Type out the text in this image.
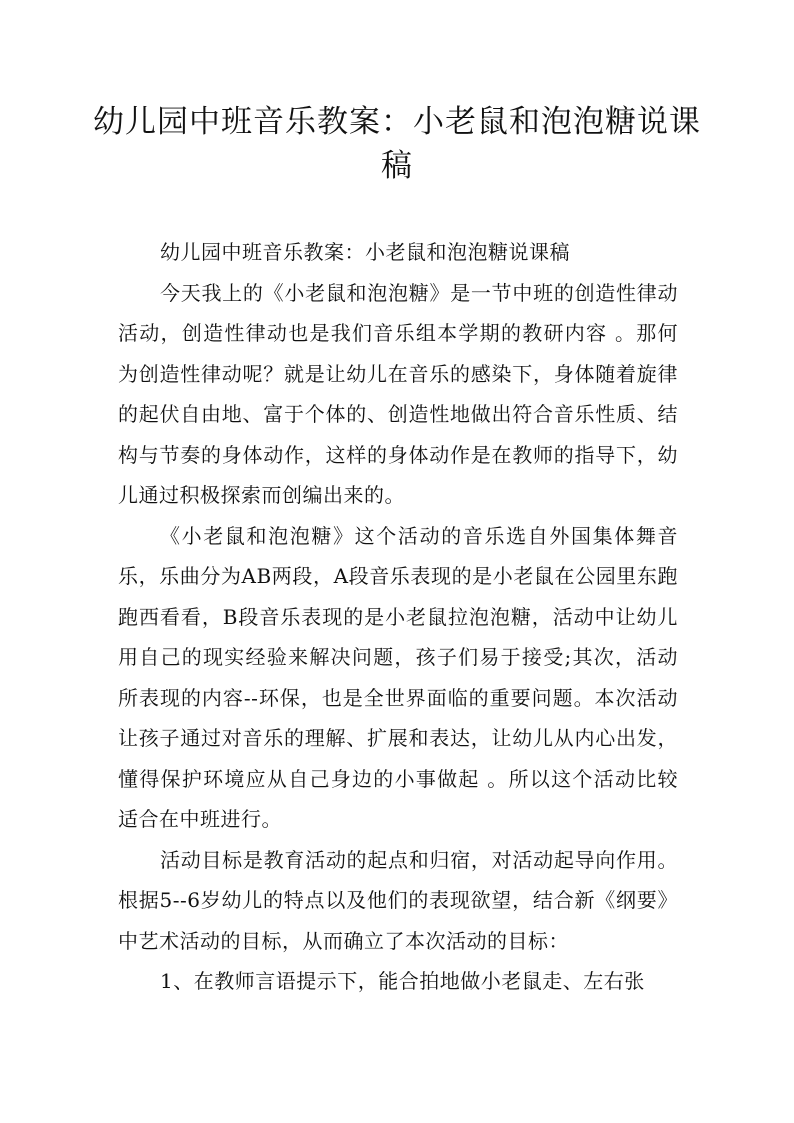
幼儿园中班音乐教案：小老鼠和泡泡糖说课稿

幼儿园中班音乐教案：小老鼠和泡泡糖说课稿

今天我上的《小老鼠和泡泡糖》是一节中班的创造性律动活动，创造性律动也是我们音乐组本学期的教研内容 。那何为创造性律动呢？就是让幼儿在音乐的感染下，身体随着旋律的起伏自由地、富于个体的、创造性地做出符合音乐性质、结构与节奏的身体动作，这样的身体动作是在教师的指导下，幼儿通过积极探索而创编出来的。

《小老鼠和泡泡糖》这个活动的音乐选自外国集体舞音乐，乐曲分为AB两段，A段音乐表现的是小老鼠在公园里东跑跑西看看，B段音乐表现的是小老鼠拉泡泡糖，活动中让幼儿用自己的现实经验来解决问题，孩子们易于接受;其次，活动所表现的内容--环保，也是全世界面临的重要问题。本次活动让孩子通过对音乐的理解、扩展和表达，让幼儿从内心出发，懂得保护环境应从自己身边的小事做起 。所以这个活动比较适合在中班进行。

活动目标是教育活动的起点和归宿，对活动起导向作用。根据5--6岁幼儿的特点以及他们的表现欲望，结合新《纲要》中艺术活动的目标，从而确立了本次活动的目标：

1、在教师言语提示下，能合拍地做小老鼠走、左右张
